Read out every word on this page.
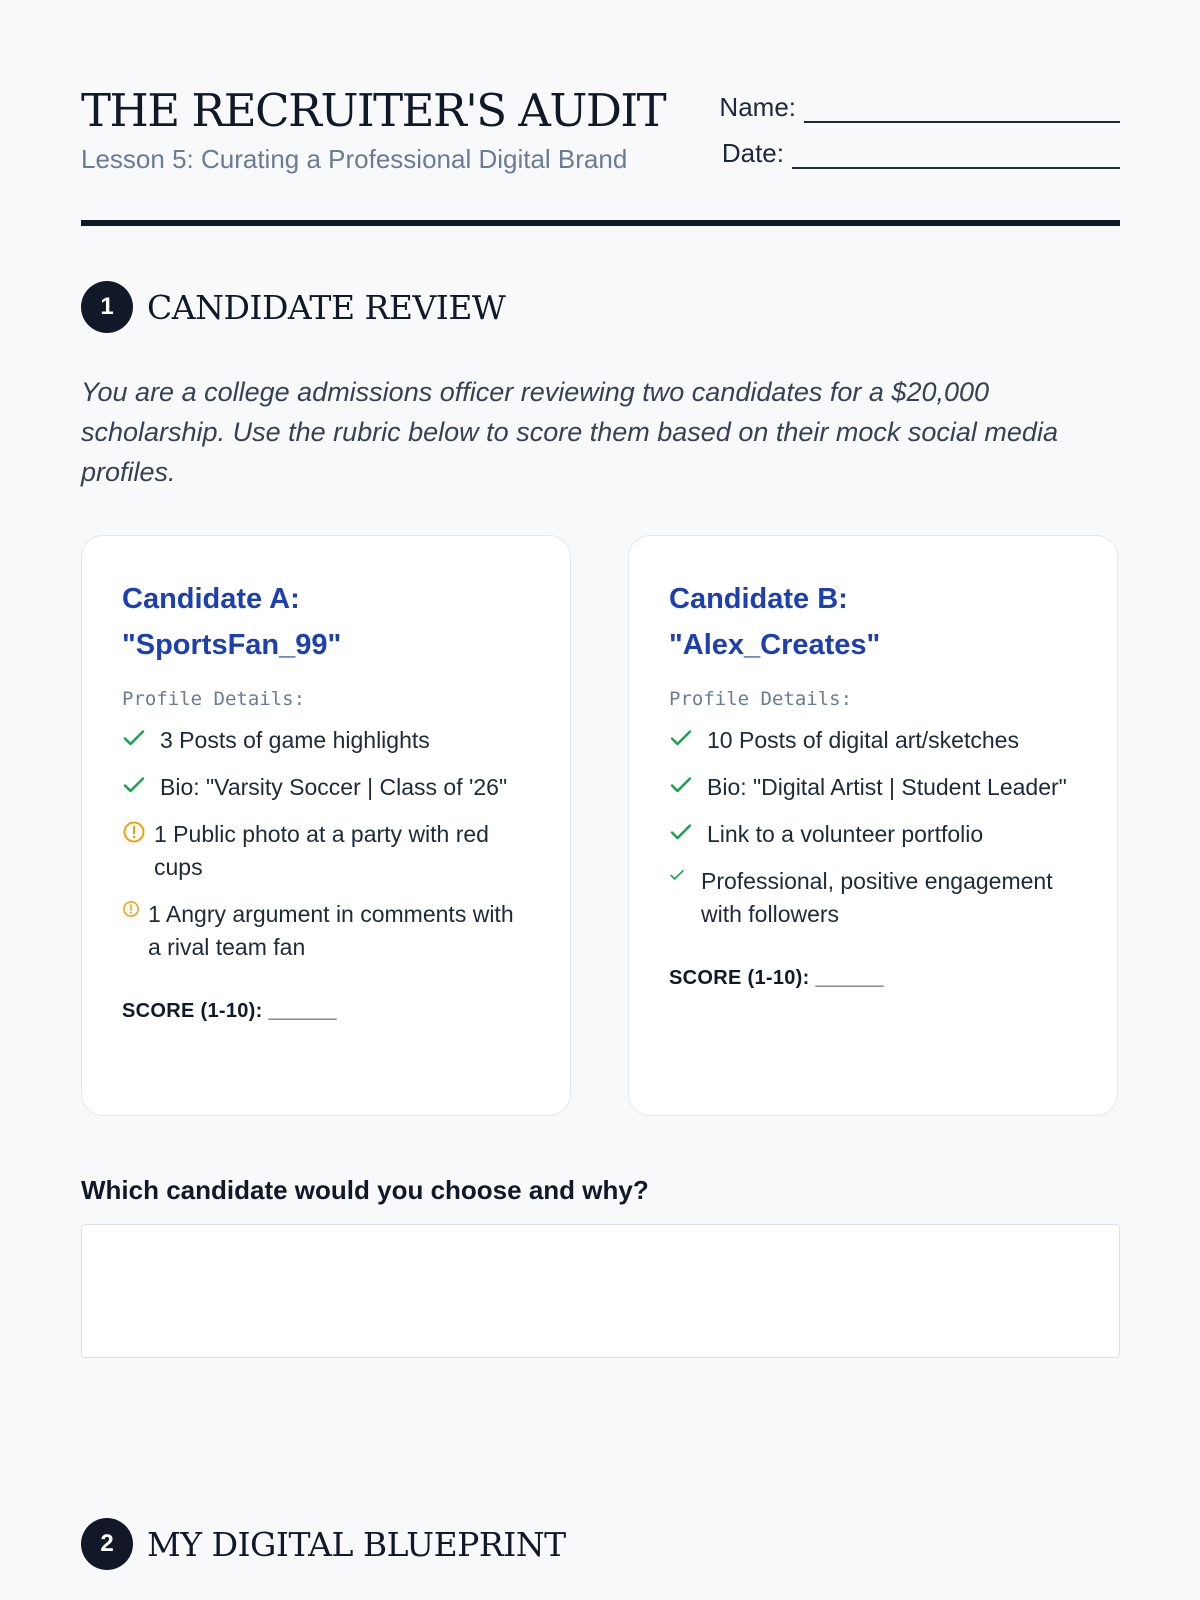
THE RECRUITER'S AUDIT
Lesson 5: Curating a Professional Digital Brand
Name:
Date:
1	CANDIDATE REVIEW
You are a college admissions officer reviewing two candidates for a $20,000 scholarship. Use the rubric below to score them based on their mock social media profiles.
Candidate A:
"SportsFan_99"
Profile Details:
3 Posts of game highlights
Bio: "Varsity Soccer | Class of '26"
1 Public photo at a party with red cups
1 Angry argument in comments with a rival team fan
SCORE (1-10): ______
Candidate B:
"Alex_Creates"
Profile Details:
10 Posts of digital art/sketches
Bio: "Digital Artist | Student Leader"
Link to a volunteer portfolio
Professional, positive engagement with followers
SCORE (1-10): ______
Which candidate would you choose and why?
2	MY DIGITAL BLUEPRINT
